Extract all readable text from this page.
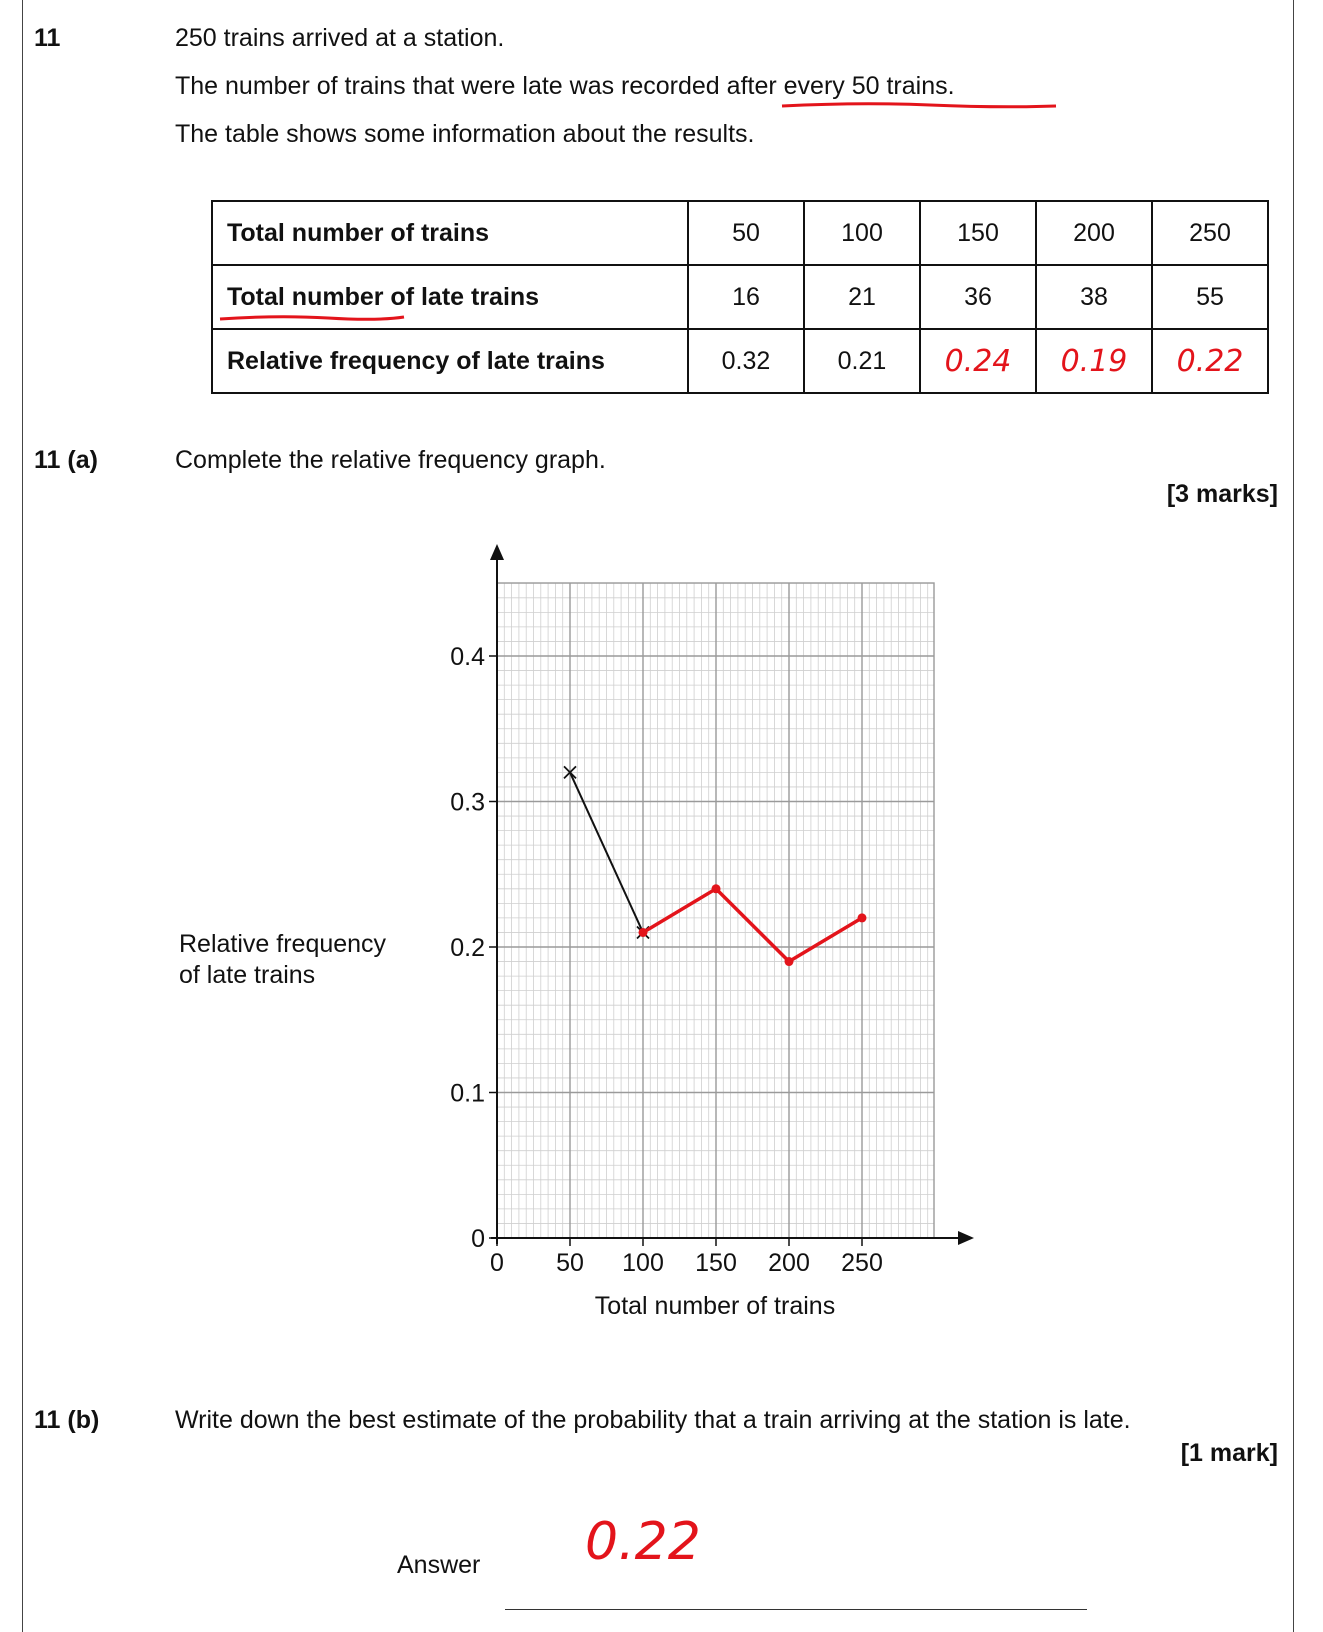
11	250 trains arrived at a station.
The number of trains that were late was recorded after every 50 trains.
The table shows some information about the results.
Total number of trains	50	100	150	200	250
Total number of late trains	16	21	36	38	55
Relative frequency of late trains	0.32	0.21	0.24	0.19	0.22
11 (a)	Complete the relative frequency graph.
[3 marks]
0
0.1
0.2
0.3
0.4
0 50 100 150 200 250
Relative frequency of late trains
Total number of trains
11 (b)	Write down the best estimate of the probability that a train arriving at the station is late.
[1 mark]
Answer 0.22
